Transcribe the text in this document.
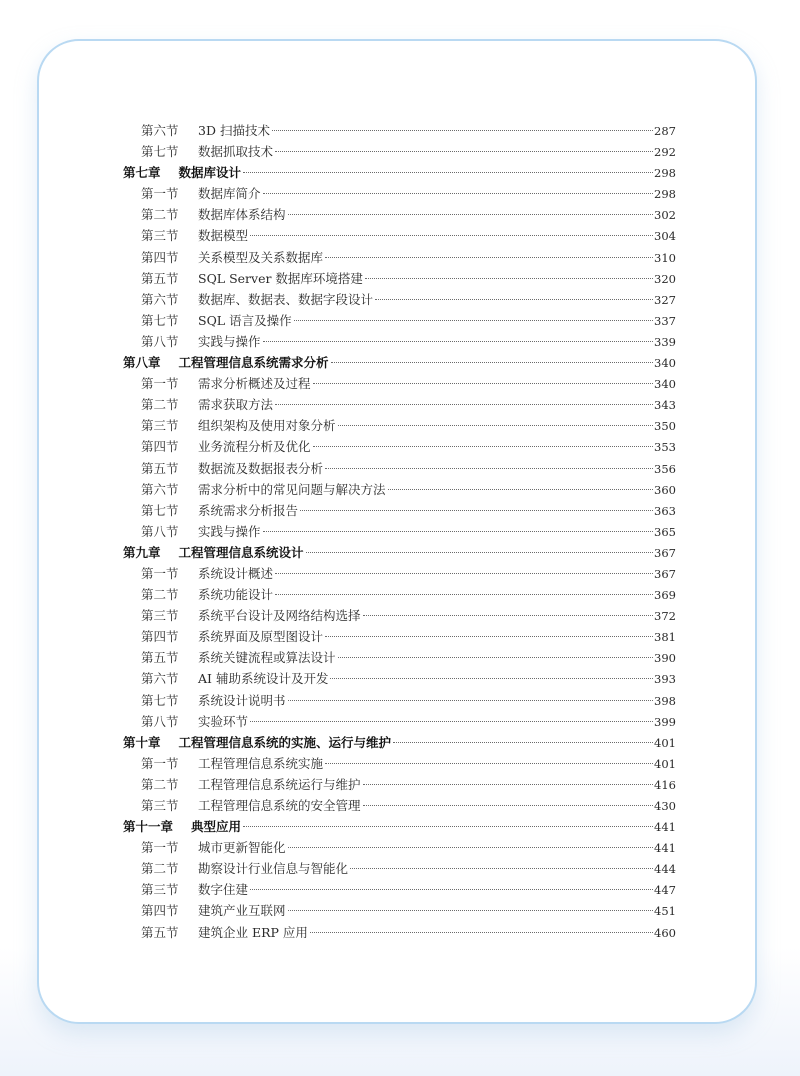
第六节	3D 扫描技术	287
第七节	数据抓取技术	292
第七章 数据库设计	298
第一节	数据库简介	298
第二节	数据库体系结构	302
第三节	数据模型	304
第四节	关系模型及关系数据库	310
第五节	SQL Server 数据库环境搭建	320
第六节	数据库、数据表、数据字段设计	327
第七节	SQL 语言及操作	337
第八节	实践与操作	339
第八章 工程管理信息系统需求分析	340
第一节	需求分析概述及过程	340
第二节	需求获取方法	343
第三节	组织架构及使用对象分析	350
第四节	业务流程分析及优化	353
第五节	数据流及数据报表分析	356
第六节	需求分析中的常见问题与解决方法	360
第七节	系统需求分析报告	363
第八节	实践与操作	365
第九章 工程管理信息系统设计	367
第一节	系统设计概述	367
第二节	系统功能设计	369
第三节	系统平台设计及网络结构选择	372
第四节	系统界面及原型图设计	381
第五节	系统关键流程或算法设计	390
第六节	AI 辅助系统设计及开发	393
第七节	系统设计说明书	398
第八节	实验环节	399
第十章 工程管理信息系统的实施、运行与维护	401
第一节	工程管理信息系统实施	401
第二节	工程管理信息系统运行与维护	416
第三节	工程管理信息系统的安全管理	430
第十一章 典型应用	441
第一节	城市更新智能化	441
第二节	勘察设计行业信息与智能化	444
第三节	数字住建	447
第四节	建筑产业互联网	451
第五节	建筑企业 ERP 应用	460
